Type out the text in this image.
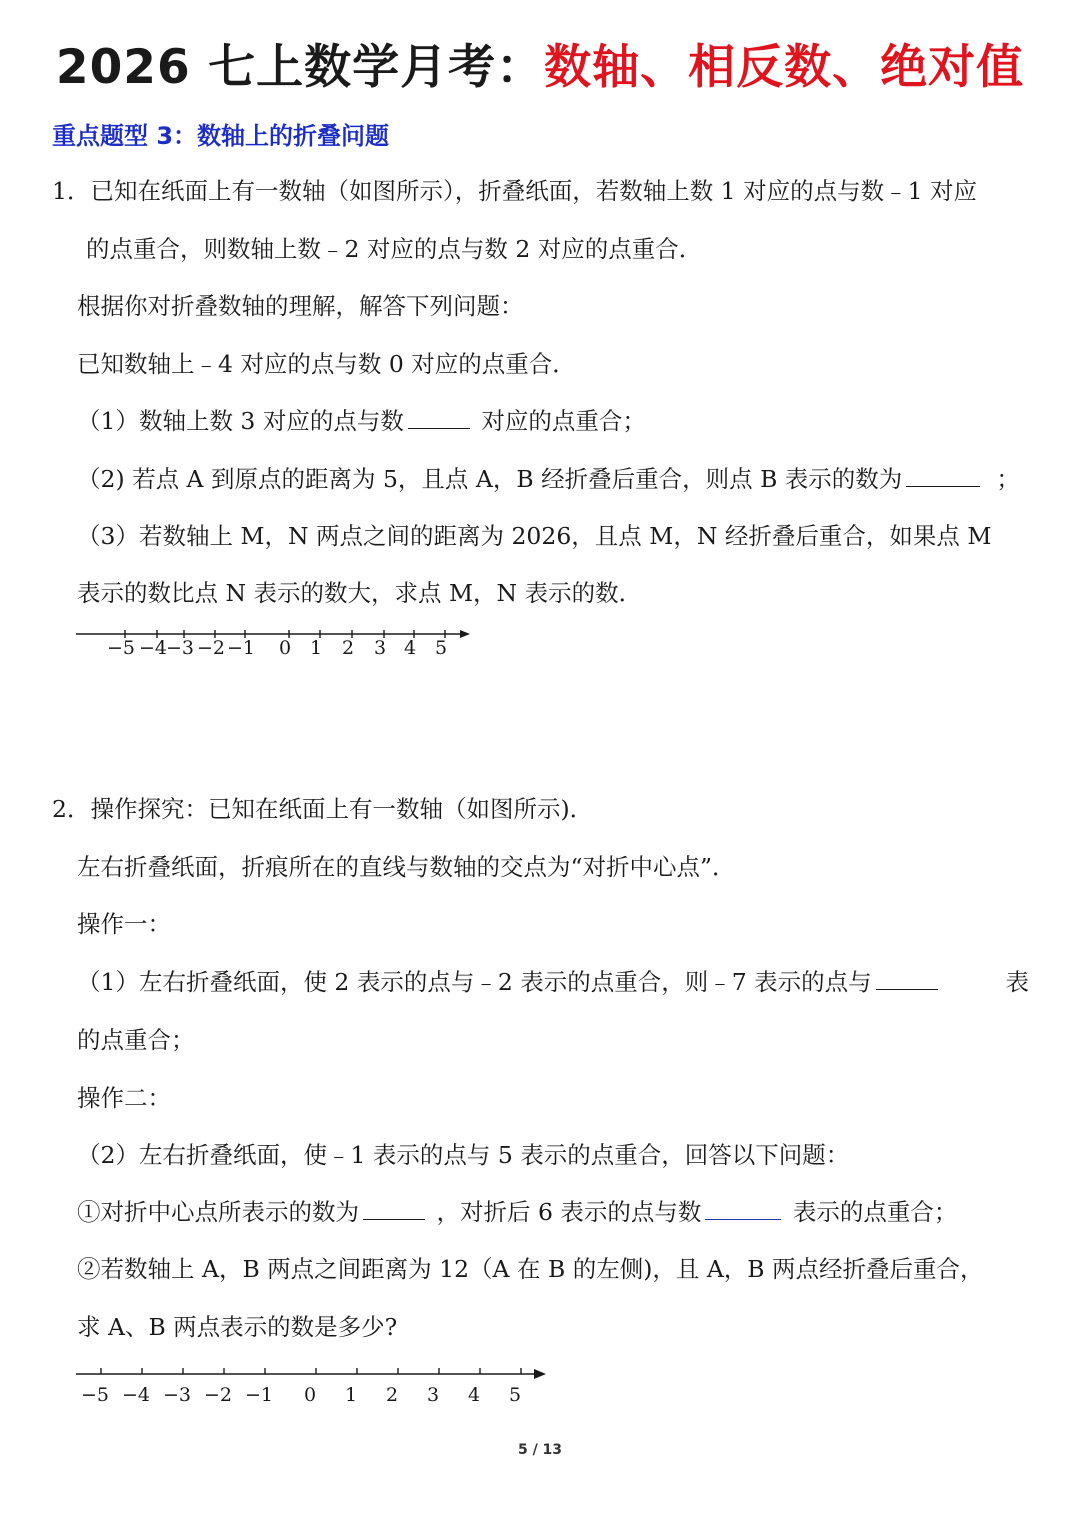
2026 七上数学月考：数轴、相反数、绝对值
重点题型 3：数轴上的折叠问题
1．已知在纸面上有一数轴（如图所示），折叠纸面，若数轴上数 1 对应的点与数﹣1 对应
的点重合，则数轴上数﹣2 对应的点与数 2 对应的点重合．
根据你对折叠数轴的理解，解答下列问题：
已知数轴上﹣4 对应的点与数 0 对应的点重合．
（1）数轴上数 3 对应的点与数	对应的点重合；
（2) 若点 A 到原点的距离为 5，且点 A，B 经折叠后重合，则点 B 表示的数为	；
（3）若数轴上 M，N 两点之间的距离为 2026，且点 M，N 经折叠后重合，如果点 M
表示的数比点 N 表示的数大，求点 M，N 表示的数．
−5 −4
−3 −2 −1 0 1 2 3 4 5
2．操作探究：已知在纸面上有一数轴（如图所示)．
左右折叠纸面，折痕所在的直线与数轴的交点为“对折中心点”．
操作一：
（1）左右折叠纸面，使 2 表示的点与﹣2 表示的点重合，则﹣7 表示的点与	表
的点重合；
操作二：
（2）左右折叠纸面，使﹣1 表示的点与 5 表示的点重合，回答以下问题：
①对折中心点所表示的数为	，对折后 6 表示的点与数	表示的点重合；
②若数轴上 A，B 两点之间距离为 12（A 在 B 的左侧)，且 A，B 两点经折叠后重合，
求 A、B 两点表示的数是多少?
−5 −4 −3 −2 −1 0 1 2 3 4 5
5 / 13
